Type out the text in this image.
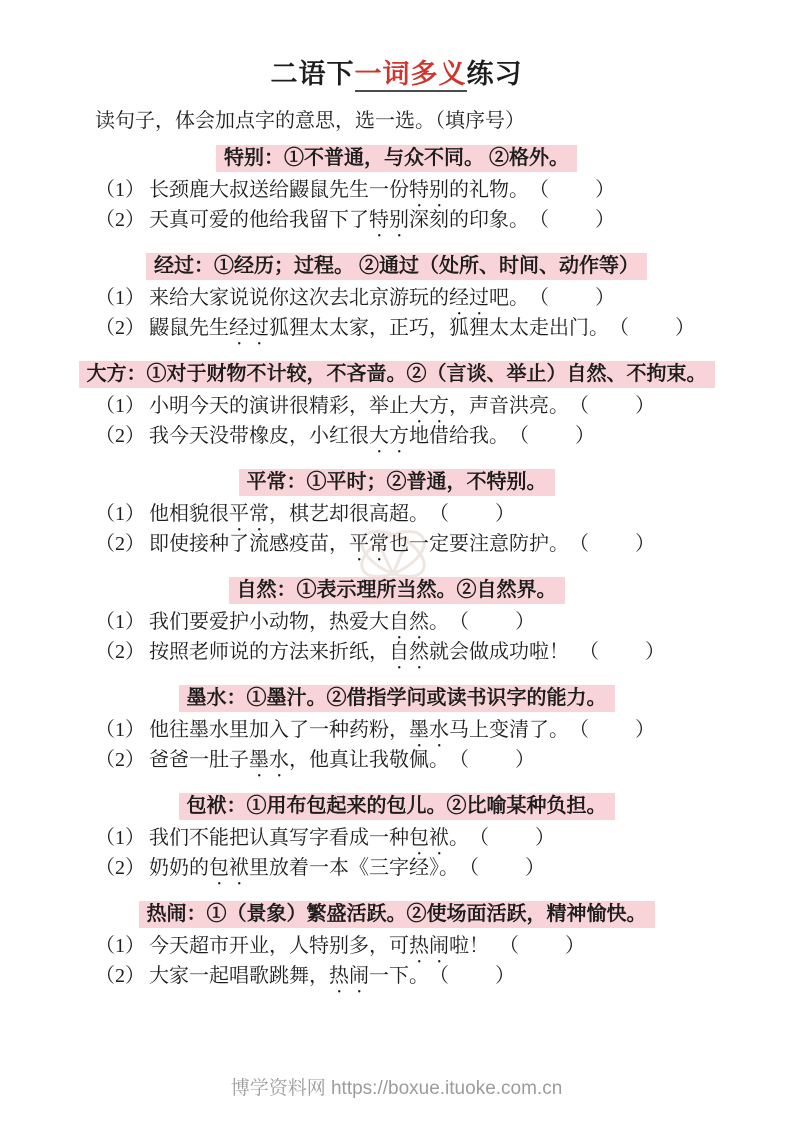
二语下一词多义练习

读句子，体会加点字的意思，选一选。（填序号）

特别：①不普通，与众不同。 ②格外。

（1） 长颈鹿大叔送给鼹鼠先生一份特别的礼物。 （　　）

（2） 天真可爱的他给我留下了特别深刻的印象。 （　　）

经过：①经历；过程。 ②通过（处所、时间、动作等）

（1） 来给大家说说你这次去北京游玩的经过吧。 （　　）

（2） 鼹鼠先生经过狐狸太太家，正巧，狐狸太太走出门。 （　　）

大方：①对于财物不计较，不吝啬。②（言谈、举止）自然、不拘束。

（1） 小明今天的演讲很精彩，举止大方，声音洪亮。 （　　）

（2） 我今天没带橡皮，小红很大方地借给我。 （　　）

平常：①平时；②普通，不特别。

（1） 他相貌很平常，棋艺却很高超。 （　　）

（2） 即使接种了流感疫苗，平常也一定要注意防护。 （　　）

自然：①表示理所当然。②自然界。

（1） 我们要爱护小动物，热爱大自然。 （　　）

（2） 按照老师说的方法来折纸，自然就会做成功啦！ （　　）

墨水：①墨汁。②借指学问或读书识字的能力。

（1） 他往墨水里加入了一种药粉，墨水马上变清了。 （　　）

（2） 爸爸一肚子墨水，他真让我敬佩。 （　　）

包袱：①用布包起来的包儿。②比喻某种负担。

（1） 我们不能把认真写字看成一种包袱。 （　　）

（2） 奶奶的包袱里放着一本《三字经》。 （　　）

热闹：①（景象）繁盛活跃。②使场面活跃，精神愉快。

（1） 今天超市开业，人特别多，可热闹啦！ （　　）

（2） 大家一起唱歌跳舞，热闹一下。 （　　）

博学资料网 https://boxue.ituoke.com.cn
